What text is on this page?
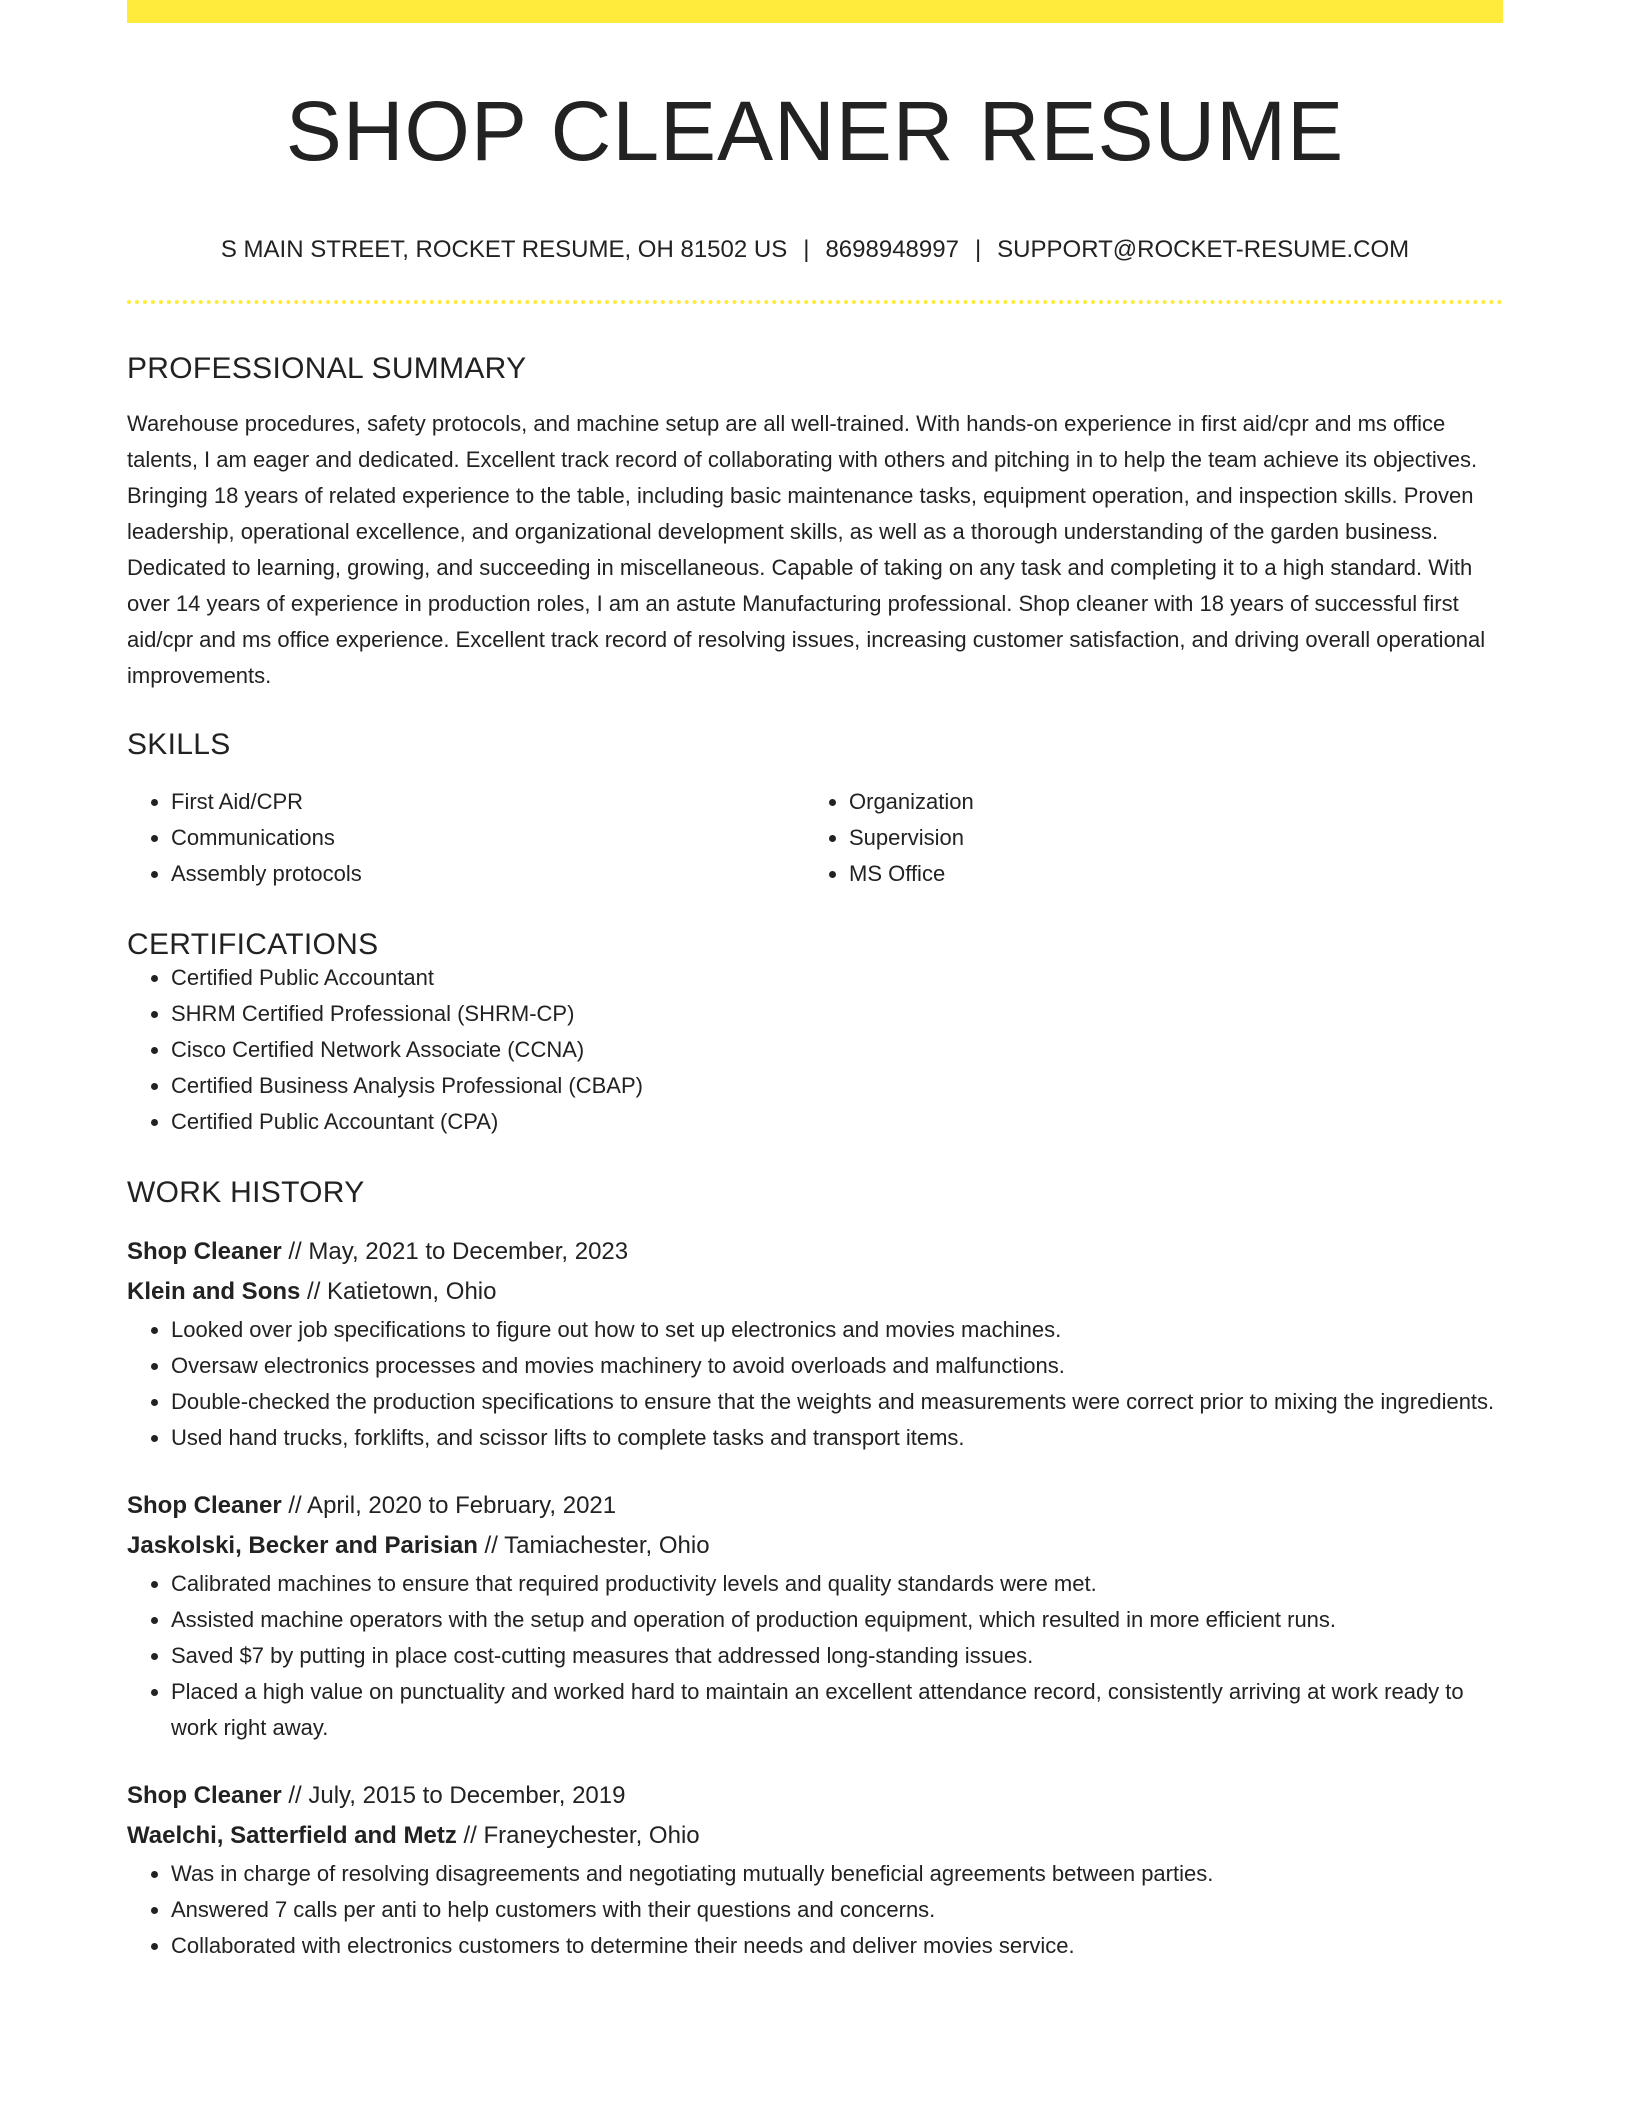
SHOP CLEANER RESUME
S MAIN STREET, ROCKET RESUME, OH 81502 US | 8698948997 | SUPPORT@ROCKET-RESUME.COM
PROFESSIONAL SUMMARY
Warehouse procedures, safety protocols, and machine setup are all well-trained. With hands-on experience in first aid/cpr and ms office talents, I am eager and dedicated. Excellent track record of collaborating with others and pitching in to help the team achieve its objectives. Bringing 18 years of related experience to the table, including basic maintenance tasks, equipment operation, and inspection skills. Proven leadership, operational excellence, and organizational development skills, as well as a thorough understanding of the garden business. Dedicated to learning, growing, and succeeding in miscellaneous. Capable of taking on any task and completing it to a high standard. With over 14 years of experience in production roles, I am an astute Manufacturing professional. Shop cleaner with 18 years of successful first aid/cpr and ms office experience. Excellent track record of resolving issues, increasing customer satisfaction, and driving overall operational improvements.
SKILLS
• First Aid/CPR
• Communications
• Assembly protocols
• Organization
• Supervision
• MS Office
CERTIFICATIONS
• Certified Public Accountant
• SHRM Certified Professional (SHRM-CP)
• Cisco Certified Network Associate (CCNA)
• Certified Business Analysis Professional (CBAP)
• Certified Public Accountant (CPA)
WORK HISTORY
Shop Cleaner // May, 2021 to December, 2023
Klein and Sons // Katietown, Ohio
• Looked over job specifications to figure out how to set up electronics and movies machines.
• Oversaw electronics processes and movies machinery to avoid overloads and malfunctions.
• Double-checked the production specifications to ensure that the weights and measurements were correct prior to mixing the ingredients.
• Used hand trucks, forklifts, and scissor lifts to complete tasks and transport items.
Shop Cleaner // April, 2020 to February, 2021
Jaskolski, Becker and Parisian // Tamiachester, Ohio
• Calibrated machines to ensure that required productivity levels and quality standards were met.
• Assisted machine operators with the setup and operation of production equipment, which resulted in more efficient runs.
• Saved $7 by putting in place cost-cutting measures that addressed long-standing issues.
• Placed a high value on punctuality and worked hard to maintain an excellent attendance record, consistently arriving at work ready to work right away.
Shop Cleaner // July, 2015 to December, 2019
Waelchi, Satterfield and Metz // Franeychester, Ohio
• Was in charge of resolving disagreements and negotiating mutually beneficial agreements between parties.
• Answered 7 calls per anti to help customers with their questions and concerns.
• Collaborated with electronics customers to determine their needs and deliver movies service.
